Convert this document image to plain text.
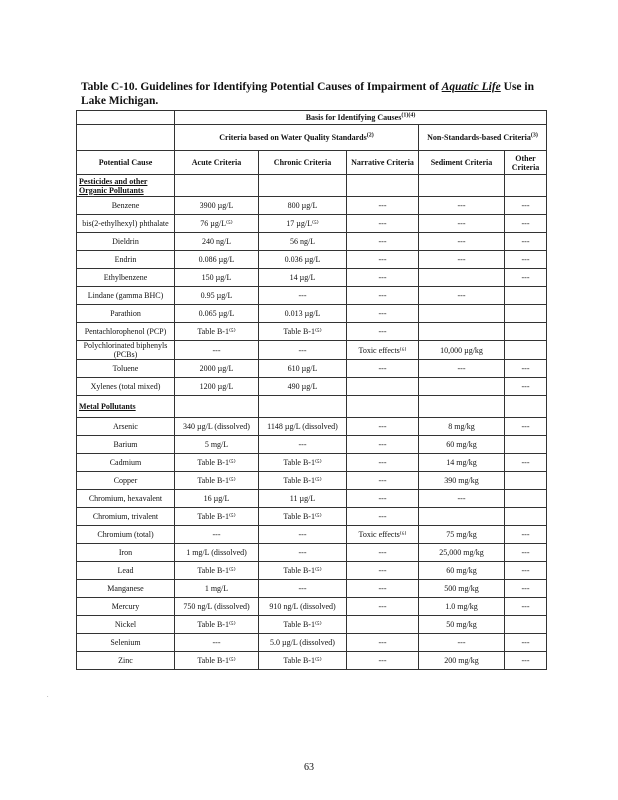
Table C-10. Guidelines for Identifying Potential Causes of Impairment of Aquatic Life Use in Lake Michigan.
	Basis for Identifying Causes$^{(1)(4)}$
	Criteria based on Water Quality Standards$^{(2)}$			Non-Standards-based Criteria$^{(3)}$
Potential Cause	Acute Criteria	Chronic Criteria	Narrative Criteria	Sediment Criteria	Other Criteria
Pesticides and other Organic Pollutants					
Benzene	3900 µg/L	800 µg/L	---	---	---
bis(2-ethylhexyl) phthalate	76 µg/L⁽⁵⁾	17 µg/L⁽⁵⁾	---	---	---
Dieldrin	240 ng/L	56 ng/L	---	---	---
Endrin	0.086 µg/L	0.036 µg/L	---	---	---
Ethylbenzene	150 µg/L	14 µg/L	---		---
Lindane (gamma BHC)	0.95 µg/L	---	---	---	
Parathion	0.065 µg/L	0.013 µg/L	---		
Pentachlorophenol (PCP)	Table B-1⁽⁵⁾	Table B-1⁽⁵⁾	---		
Polychlorinated biphenyls (PCBs)	---	---	Toxic effects⁽⁶⁾	10,000 µg/kg	
Toluene	2000 µg/L	610 µg/L	---	---	---
Xylenes (total mixed)	1200 µg/L	490 µg/L			---
Metal Pollutants					
Arsenic	340 µg/L (dissolved)	1148 µg/L (dissolved)	---	8 mg/kg	---
Barium	5 mg/L	---	---	60 mg/kg	
Cadmium	Table B-1⁽⁵⁾	Table B-1⁽⁵⁾	---	14 mg/kg	---
Copper	Table B-1⁽⁵⁾	Table B-1⁽⁵⁾	---	390 mg/kg	
Chromium, hexavalent	16 µg/L	11 µg/L	---	---	
Chromium, trivalent	Table B-1⁽⁵⁾	Table B-1⁽⁵⁾	---		
Chromium (total)	---	---	Toxic effects⁽⁶⁾	75 mg/kg	---
Iron	1 mg/L (dissolved)	---	---	25,000 mg/kg	---
Lead	Table B-1⁽⁵⁾	Table B-1⁽⁵⁾	---	60 mg/kg	---
Manganese	1 mg/L	---	---	500 mg/kg	---
Mercury	750 ng/L (dissolved)	910 ng/L (dissolved)	---	1.0 mg/kg	---
Nickel	Table B-1⁽⁵⁾	Table B-1⁽⁵⁾		50 mg/kg	
Selenium	---	5.0 µg/L (dissolved)	---	---	---
Zinc	Table B-1⁽⁵⁾	Table B-1⁽⁵⁾	---	200 mg/kg	---
.
63
